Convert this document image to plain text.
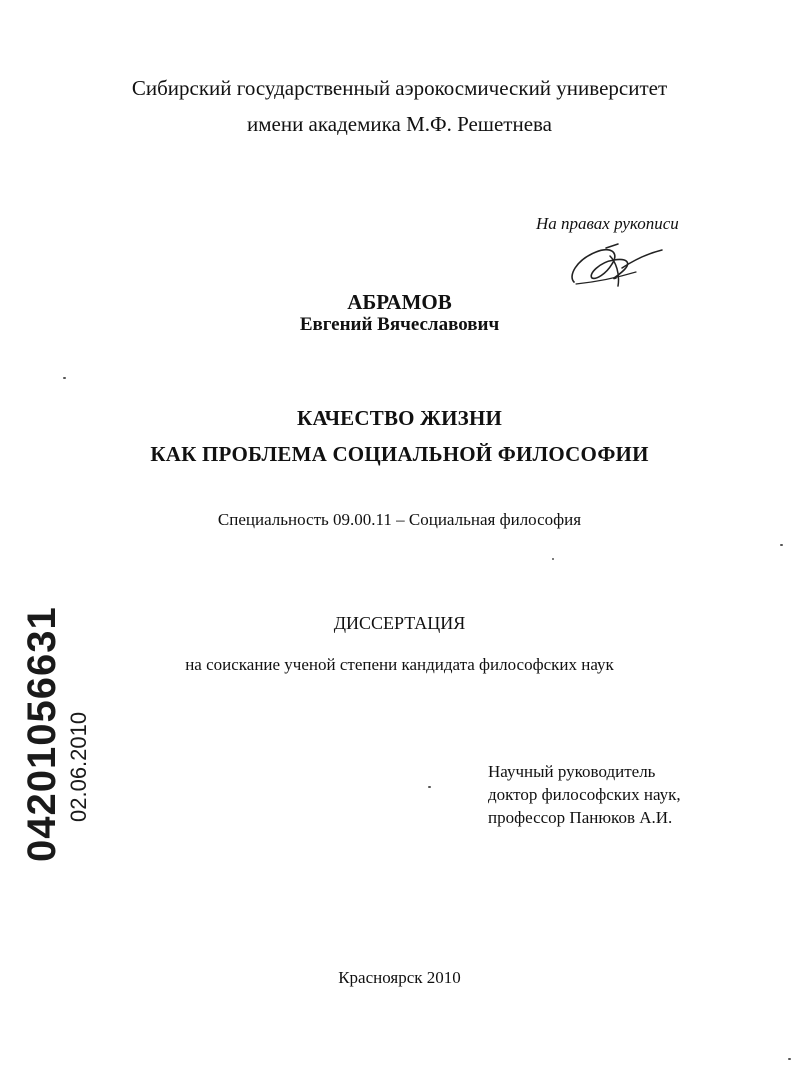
Сибирский государственный аэрокосмический университет
имени академика М.Ф. Решетнева
На правах рукописи
АБРАМОВ
Евгений Вячеславович
КАЧЕСТВО ЖИЗНИ
КАК ПРОБЛЕМА СОЦИАЛЬНОЙ ФИЛОСОФИИ
Специальность 09.00.11 – Социальная философия
ДИССЕРТАЦИЯ
на соискание ученой степени кандидата философских наук
Научный руководитель
доктор философских наук,
профессор Панюков А.И.
Красноярск 2010
04201056631 02.06.2010
